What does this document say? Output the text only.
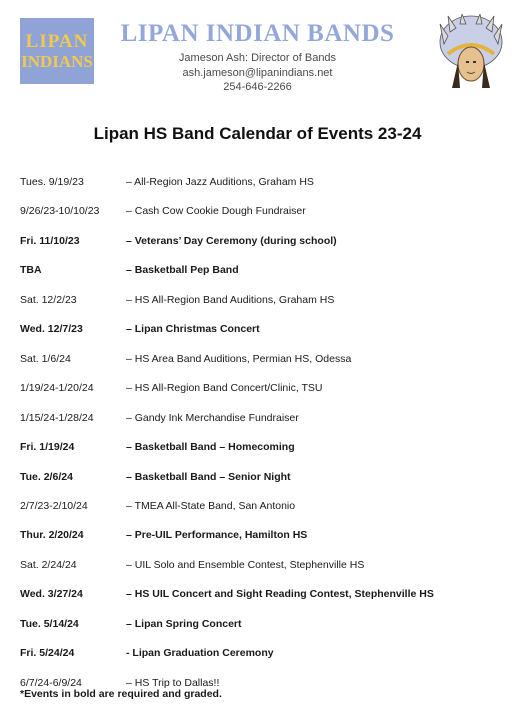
LIPAN
INDIANS
LIPAN INDIAN BANDS
Jameson Ash: Director of Bands
ash.jameson@lipanindians.net
254-646-2266
Lipan HS Band Calendar of Events 23-24
Tues. 9/19/23	– All-Region Jazz Auditions, Graham HS
9/26/23-10/10/23	– Cash Cow Cookie Dough Fundraiser
Fri. 11/10/23	– Veterans’ Day Ceremony (during school)
TBA	– Basketball Pep Band
Sat. 12/2/23	– HS All-Region Band Auditions, Graham HS
Wed. 12/7/23	– Lipan Christmas Concert
Sat. 1/6/24	– HS Area Band Auditions, Permian HS, Odessa
1/19/24-1/20/24	– HS All-Region Band Concert/Clinic, TSU
1/15/24-1/28/24	– Gandy Ink Merchandise Fundraiser
Fri. 1/19/24	– Basketball Band – Homecoming
Tue. 2/6/24	– Basketball Band – Senior Night
2/7/23-2/10/24	– TMEA All-State Band, San Antonio
Thur. 2/20/24	– Pre-UIL Performance, Hamilton HS
Sat. 2/24/24	– UIL Solo and Ensemble Contest, Stephenville HS
Wed. 3/27/24	– HS UIL Concert and Sight Reading Contest, Stephenville HS
Tue. 5/14/24	– Lipan Spring Concert
Fri. 5/24/24	- Lipan Graduation Ceremony
6/7/24-6/9/24	– HS Trip to Dallas!!
*Events in bold are required and graded.
